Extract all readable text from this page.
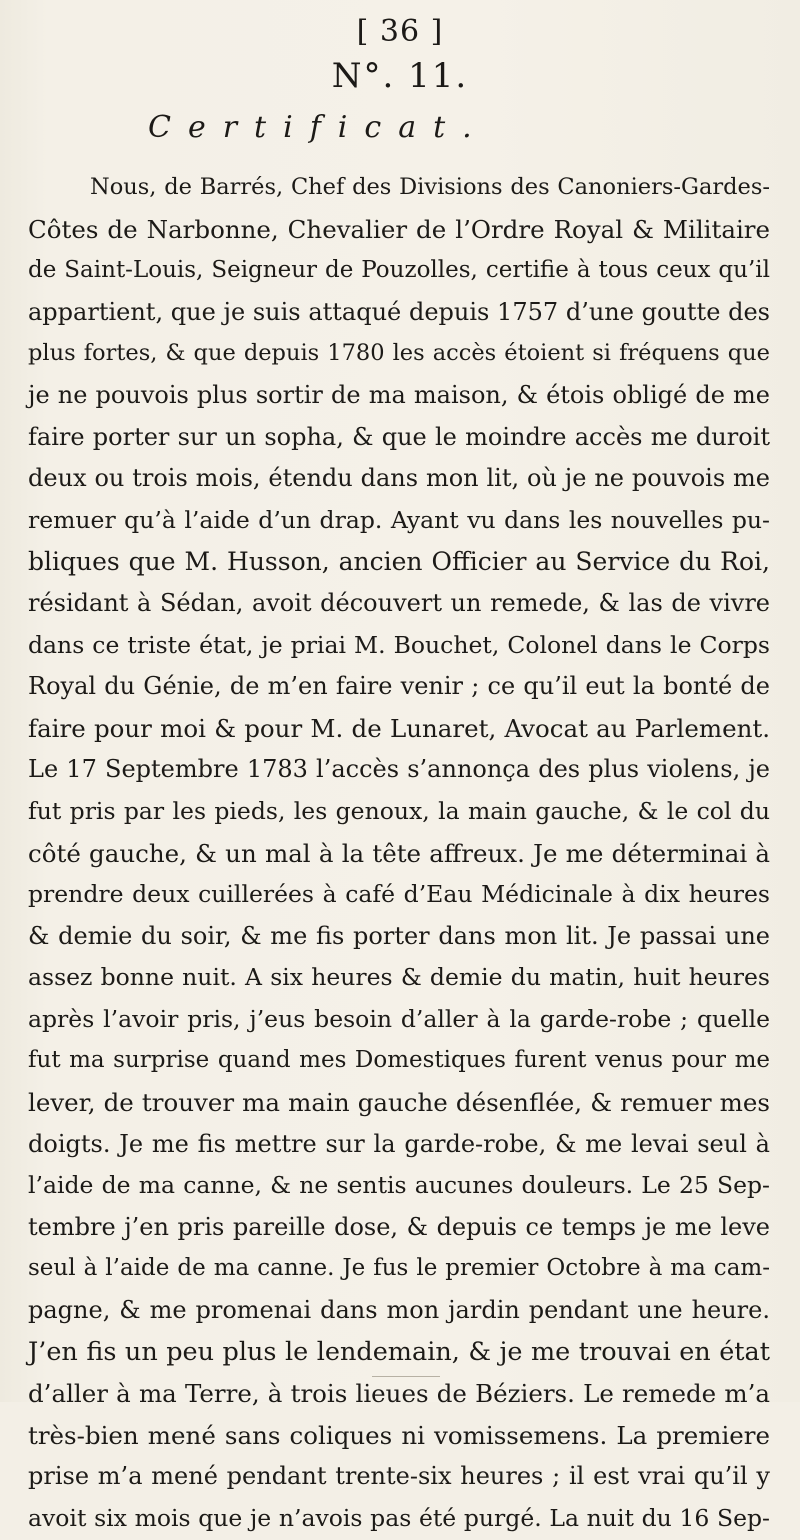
[ 36 ]
N°. 11.
Certificat.
Nous, de Barrés, Chef des Divisions des Canoniers-Gardes-
Côtes de Narbonne, Chevalier de l’Ordre Royal & Militaire
de Saint-Louis, Seigneur de Pouzolles, certifie à tous ceux qu’il
appartient, que je suis attaqué depuis 1757 d’une goutte des
plus fortes, & que depuis 1780 les accès étoient si fréquens que
je ne pouvois plus sortir de ma maison, & étois obligé de me
faire porter sur un sopha, & que le moindre accès me duroit
deux ou trois mois, étendu dans mon lit, où je ne pouvois me
remuer qu’à l’aide d’un drap. Ayant vu dans les nouvelles pu-
bliques que M. Husson, ancien Officier au Service du Roi,
résidant à Sédan, avoit découvert un remede, & las de vivre
dans ce triste état, je priai M. Bouchet, Colonel dans le Corps
Royal du Génie, de m’en faire venir ; ce qu’il eut la bonté de
faire pour moi & pour M. de Lunaret, Avocat au Parlement.
Le 17 Septembre 1783 l’accès s’annonça des plus violens, je
fut pris par les pieds, les genoux, la main gauche, & le col du
côté gauche, & un mal à la tête affreux. Je me déterminai à
prendre deux cuillerées à café d’Eau Médicinale à dix heures
& demie du soir, & me fis porter dans mon lit. Je passai une
assez bonne nuit. A six heures & demie du matin, huit heures
après l’avoir pris, j’eus besoin d’aller à la garde-robe ; quelle
fut ma surprise quand mes Domestiques furent venus pour me
lever, de trouver ma main gauche désenflée, & remuer mes
doigts. Je me fis mettre sur la garde-robe, & me levai seul à
l’aide de ma canne, & ne sentis aucunes douleurs. Le 25 Sep-
tembre j’en pris pareille dose, & depuis ce temps je me leve
seul à l’aide de ma canne. Je fus le premier Octobre à ma cam-
pagne, & me promenai dans mon jardin pendant une heure.
J’en fis un peu plus le lendemain, & je me trouvai en état
d’aller à ma Terre, à trois lieues de Béziers. Le remede m’a
très-bien mené sans coliques ni vomissemens. La premiere
prise m’a mené pendant trente-six heures ; il est vrai qu’il y
avoit six mois que je n’avois pas été purgé. La nuit du 16 Sep-
